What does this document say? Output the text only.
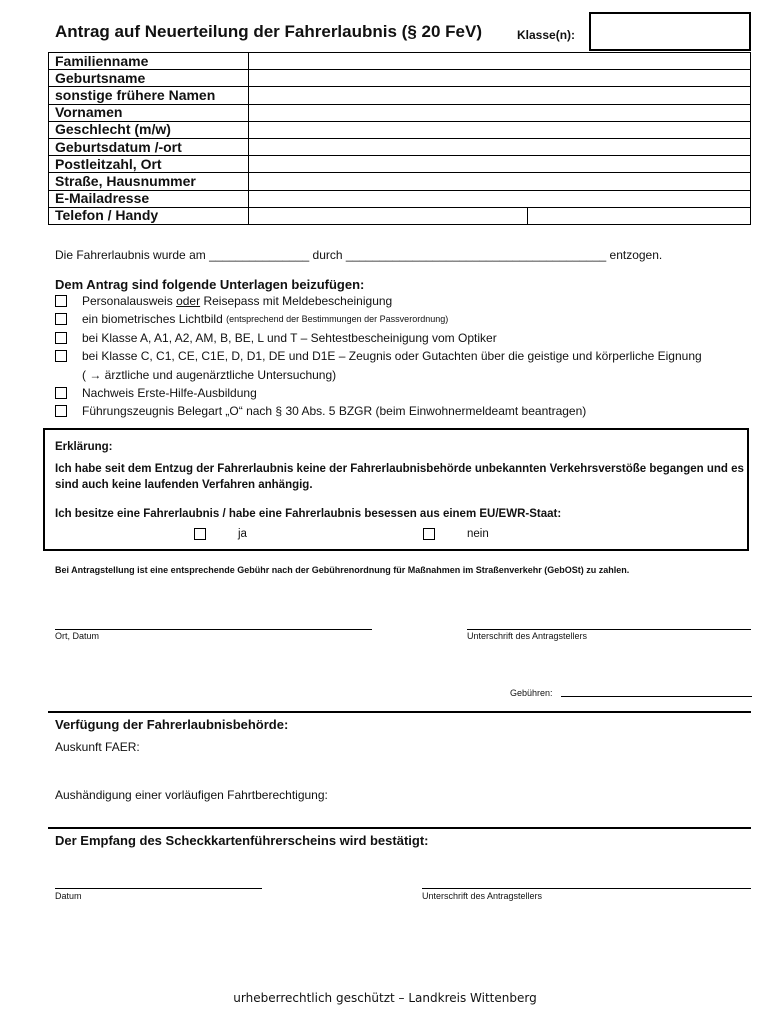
Antrag auf Neuerteilung der Fahrerlaubnis (§ 20 FeV)	Klasse(n):
Familienname		
Geburtsname		
sonstige frühere Namen		
Vornamen		
Geschlecht (m/w)		
Geburtsdatum /-ort		
Postleitzahl, Ort		
Straße, Hausnummer		
E-Mailadresse		
Telefon / Handy		
Die Fahrerlaubnis wurde am _______________ durch _______________________________________ entzogen.
Dem Antrag sind folgende Unterlagen beizufügen:
Personalausweis
oder
Reisepass mit Meldebescheinigung
ein biometrisches Lichtbild
(entsprechend der Bestimmungen der Passverordnung)
bei Klasse A, A1, A2, AM, B, BE, L und T – Sehtestbescheinigung vom Optiker
bei Klasse C, C1, CE, C1E, D, D1, DE und D1E – Zeugnis oder Gutachten über die geistige und körperliche Eignung
( → ärztliche und augenärztliche Untersuchung)
Nachweis Erste-Hilfe-Ausbildung
Führungszeugnis Belegart „O“ nach § 30 Abs. 5 BZGR (beim Einwohnermeldeamt beantragen)
Erklärung:
Ich habe seit dem Entzug der Fahrerlaubnis keine der Fahrerlaubnisbehörde unbekannten Verkehrsverstöße begangen und es sind auch keine laufenden Verfahren anhängig.
Ich besitze eine Fahrerlaubnis / habe eine Fahrerlaubnis besessen aus einem EU/EWR-Staat:
ja	nein
Bei Antragstellung ist eine entsprechende Gebühr nach der Gebührenordnung für Maßnahmen im Straßenverkehr (GebOSt) zu zahlen.
Ort, Datum	Unterschrift des Antragstellers
Gebühren:
Verfügung der Fahrerlaubnisbehörde:
Auskunft FAER:
Aushändigung einer vorläufigen Fahrtberechtigung:
Der Empfang des Scheckkartenführerscheins wird bestätigt:
Datum	Unterschrift des Antragstellers
urheberrechtlich geschützt – Landkreis Wittenberg
